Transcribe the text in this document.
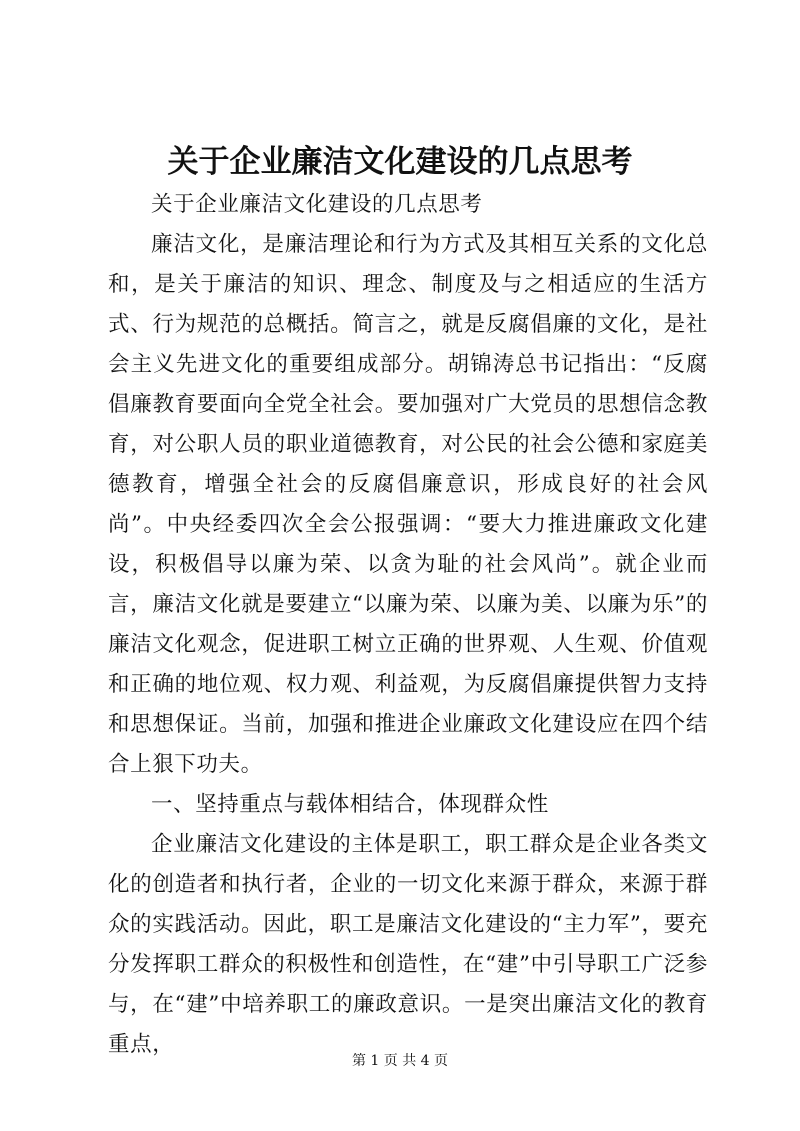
关于企业廉洁文化建设的几点思考

关于企业廉洁文化建设的几点思考

廉洁文化，是廉洁理论和行为方式及其相互关系的文化总和，是关于廉洁的知识、理念、制度及与之相适应的生活方式、行为规范的总概括。简言之，就是反腐倡廉的文化，是社会主义先进文化的重要组成部分。胡锦涛总书记指出：“反腐倡廉教育要面向全党全社会。要加强对广大党员的思想信念教育，对公职人员的职业道德教育，对公民的社会公德和家庭美德教育，增强全社会的反腐倡廉意识，形成良好的社会风尚”。中央经委四次全会公报强调：“要大力推进廉政文化建设，积极倡导以廉为荣、以贪为耻的社会风尚”。就企业而言，廉洁文化就是要建立“以廉为荣、以廉为美、以廉为乐”的廉洁文化观念，促进职工树立正确的世界观、人生观、价值观和正确的地位观、权力观、利益观，为反腐倡廉提供智力支持和思想保证。当前，加强和推进企业廉政文化建设应在四个结合上狠下功夫。

一、坚持重点与载体相结合，体现群众性

企业廉洁文化建设的主体是职工，职工群众是企业各类文化的创造者和执行者，企业的一切文化来源于群众，来源于群众的实践活动。因此，职工是廉洁文化建设的“主力军”，要充分发挥职工群众的积极性和创造性，在“建”中引导职工广泛参与，在“建”中培养职工的廉政意识。一是突出廉洁文化的教育重点，

第 1 页 共 4 页
